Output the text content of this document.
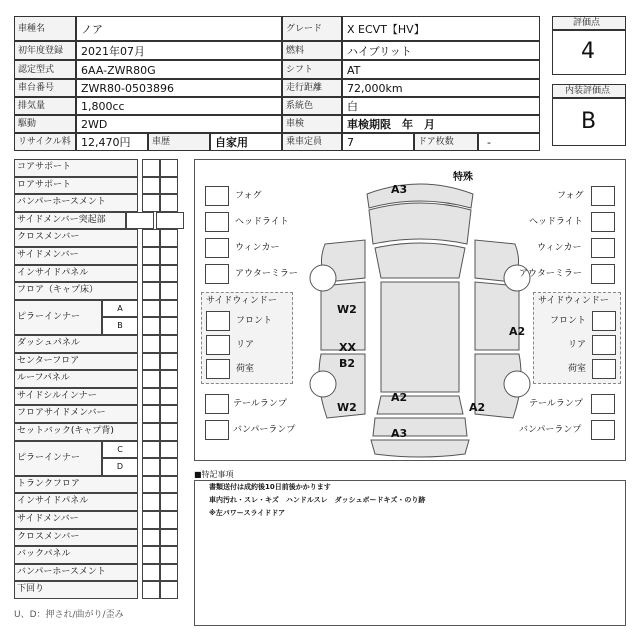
車種名	ノア	グレード X ECVT【HV】
初年度登録 2021年07月	燃料	ハイブリット
認定型式 6AA-ZWR80G	シフト	AT
車台番号 ZWR80-0503896	走行距離 72,000km
排気量	1,800cc	系統色	白
駆動	2WD	車検	車検期限　年　月
リサイクル料 12,470円 車歴	自家用	乗車定員 7	ドア枚数	-
評価点
4
内装評価点
B
コアサポート
ロアサポート
バンパーホースメント
サイドメンバー突起部
クロスメンバー
サイドメンバー
インサイドパネル
フロア（キャプ床）
ピラーインナー
A
B
ダッシュパネル
センターフロア
ルーフパネル
サイドシルインナー
フロアサイドメンバー
セットバック(キャプ背)
ピラーインナー
C
D
トランクフロア
インサイドパネル
サイドメンバー
クロスメンバー
バックパネル
バンパーホースメント
下回り
U、D：押され/曲がり/歪み
特殊
A3
W2
XX
B2
W2
A2
A3
A2
A2
フォグ
ヘッドライト
ウィンカー
アウターミラー
フォグ
ヘッドライト
ウィンカー
アウターミラー
サイドウィンドー
フロント
リア
荷室
サイドウィンドー
フロント
リア
荷室
テールランプ
バンパーランプ
テールランプ
バンパーランプ
■特記事項
書類送付は成約後10日前後かかります
車内汚れ・スレ・キズ　ハンドルスレ　ダッシュボードキズ・のり跡
※左パワースライドドア
